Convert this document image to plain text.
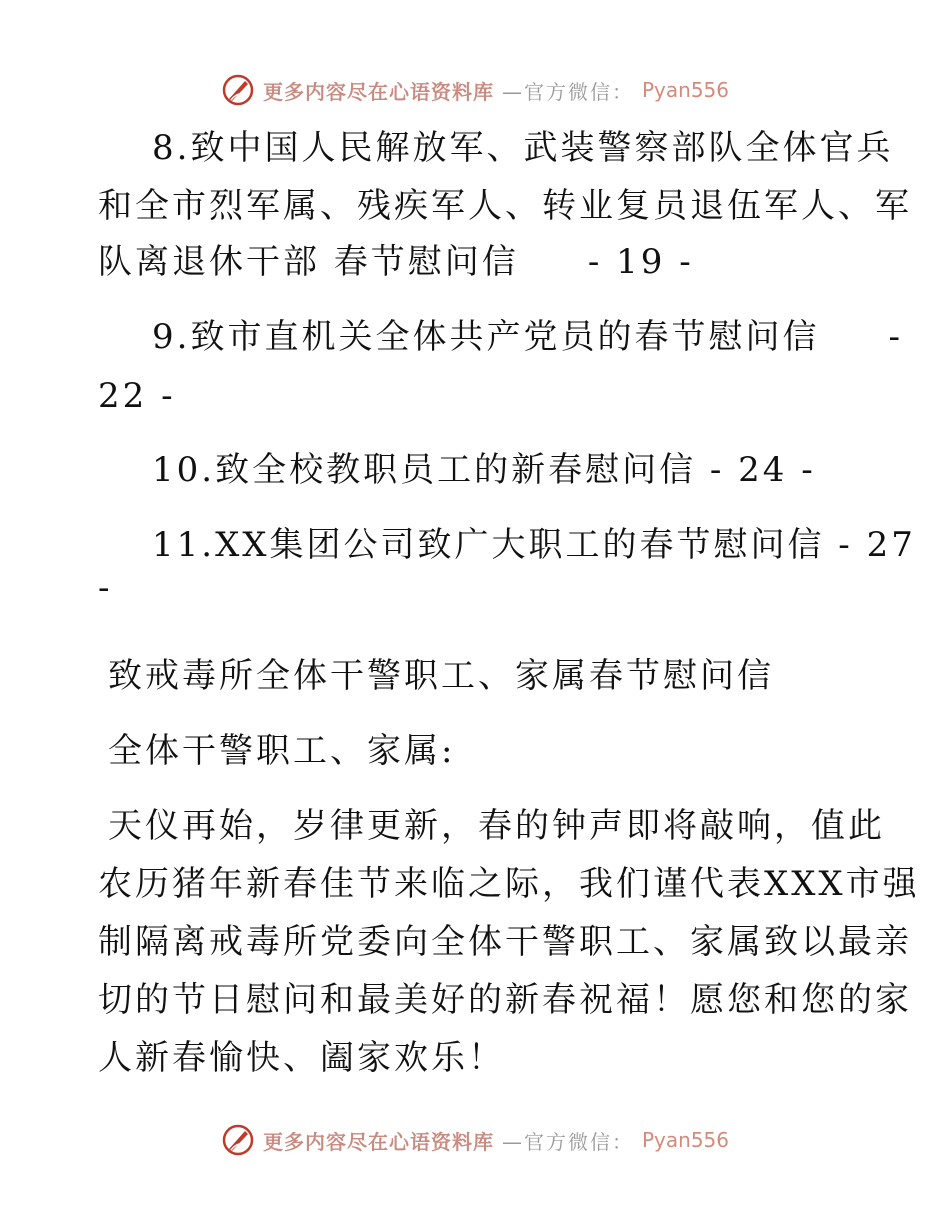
更多内容尽在心语资料库 —官方微信： Pyan556
8.致中国人民解放军、武装警察部队全体官兵
和全市烈军属、残疾军人、转业复员退伍军人、军
队离退休干部 春节慰问信     - 19 -
9.致市直机关全体共产党员的春节慰问信     -
22 -
10.致全校教职员工的新春慰问信 - 24 -
11.XX集团公司致广大职工的春节慰问信 - 27
-
致戒毒所全体干警职工、家属春节慰问信
全体干警职工、家属:
天仪再始，岁律更新，春的钟声即将敲响，值此
农历猪年新春佳节来临之际，我们谨代表XXX市强
制隔离戒毒所党委向全体干警职工、家属致以最亲
切的节日慰问和最美好的新春祝福！愿您和您的家
人新春愉快、阖家欢乐！
更多内容尽在心语资料库 —官方微信： Pyan556
